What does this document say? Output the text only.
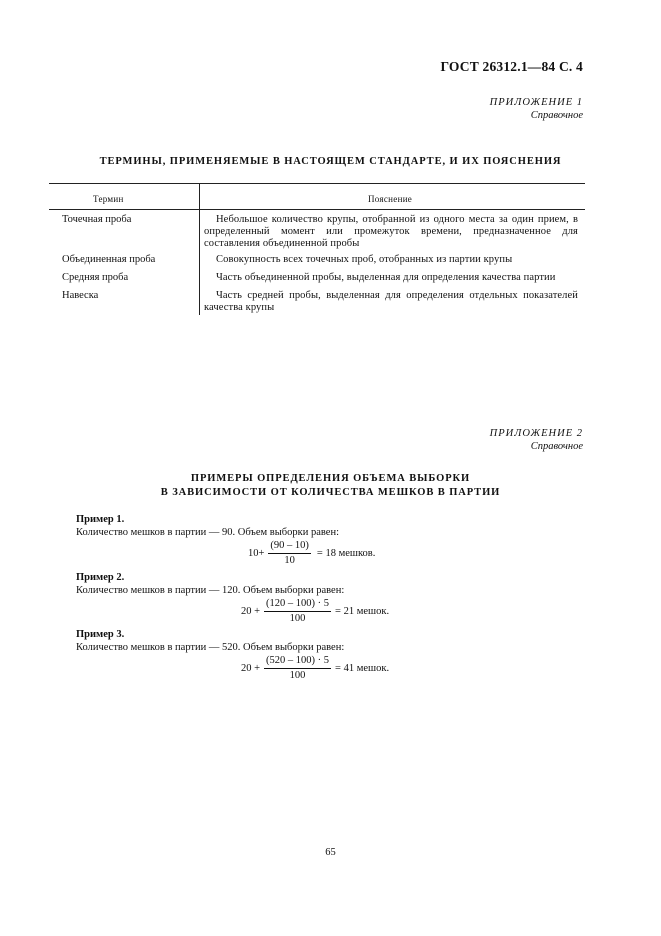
ГОСТ 26312.1—84 С. 4
ПРИЛОЖЕНИЕ 1
Справочное
ТЕРМИНЫ, ПРИМЕНЯЕМЫЕ В НАСТОЯЩЕМ СТАНДАРТЕ, И ИХ ПОЯСНЕНИЯ
Термин	Пояснение
Точечная проба	Небольшое количество крупы, отобранной из одного места за один прием, в определенный момент или промежуток времени, предназначенное для составления объединенной пробы
Объединенная проба	Совокупность всех точечных проб, отобранных из партии крупы
Средняя проба	Часть объединенной пробы, выделенная для определения качества партии
Навеска	Часть средней пробы, выделенная для определения отдельных показателей качества крупы
ПРИЛОЖЕНИЕ 2
Справочное
ПРИМЕРЫ ОПРЕДЕЛЕНИЯ ОБЪЕМА ВЫБОРКИ
В ЗАВИСИМОСТИ ОТ КОЛИЧЕСТВА МЕШКОВ В ПАРТИИ
Пример 1.
Количество мешков в партии — 90. Объем выборки равен:
$10+ \frac{(90 - 10)}{10} = 18$ мешков.
Пример 2.
Количество мешков в партии — 120. Объем выборки равен:
$20 + \frac{(120 - 100) \cdot 5}{100} = 21$ мешок.
Пример 3.
Количество мешков в партии — 520. Объем выборки равен:
$20 + \frac{(520 - 100) \cdot 5}{100} = 41$ мешок.
65
